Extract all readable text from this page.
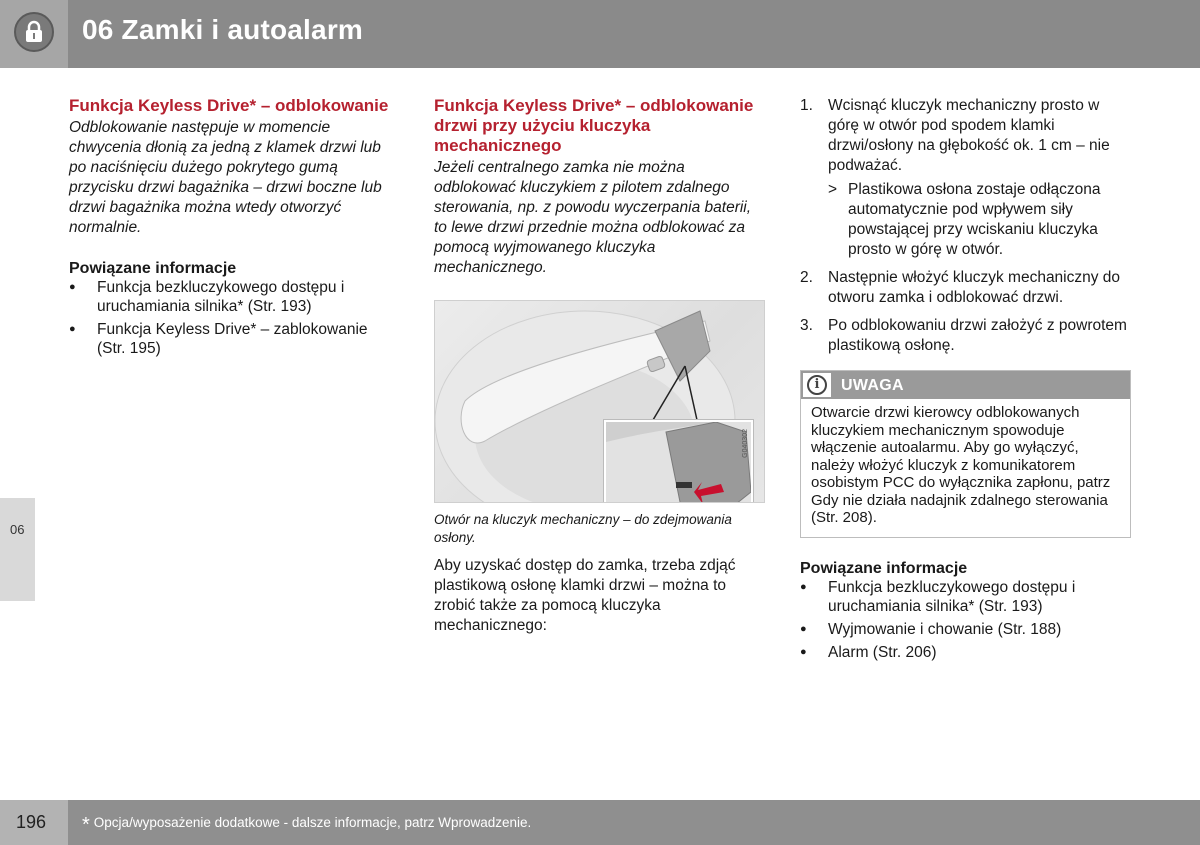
06 Zamki i autoalarm
06
Funkcja Keyless Drive* – odblokowanie

Odblokowanie następuje w momencie chwycenia dłonią za jedną z klamek drzwi lub po naciśnięciu dużego pokrytego gumą przycisku drzwi bagażnika – drzwi boczne lub drzwi bagażnika można wtedy otworzyć normalnie.

Powiązane informacje
● Funkcja bezkluczykowego dostępu i uruchamiania silnika* (Str. 193)
● Funkcja Keyless Drive* – zablokowanie (Str. 195)
Funkcja Keyless Drive* – odblokowanie drzwi przy użyciu kluczyka mechanicznego

Jeżeli centralnego zamka nie można odblokować kluczykiem z pilotem zdalnego sterowania, np. z powodu wyczerpania baterii, to lewe drzwi przednie można odblokować za pomocą wyjmowanego kluczyka mechanicznego.

G040302

Otwór na kluczyk mechaniczny – do zdejmowania osłony.

Aby uzyskać dostęp do zamka, trzeba zdjąć plastikową osłonę klamki drzwi – można to zrobić także za pomocą kluczyka mechanicznego:

1. Wcisnąć kluczyk mechaniczny prosto w górę w otwór pod spodem klamki drzwi/osłony na głębokość ok. 1 cm – nie podważać.
> Plastikowa osłona zostaje odłączona automatycznie pod wpływem siły powstającej przy wciskaniu kluczyka prosto w górę w otwór.
2. Następnie włożyć kluczyk mechaniczny do otworu zamka i odblokować drzwi.
3. Po odblokowaniu drzwi założyć z powrotem plastikową osłonę.
i	UWAGA
Otwarcie drzwi kierowcy odblokowanych kluczykiem mechanicznym spowoduje włączenie autoalarmu. Aby go wyłączyć, należy włożyć kluczyk z komunikatorem osobistym PCC do wyłącznika zapłonu, patrz Gdy nie działa nadajnik zdalnego sterowania (Str. 208).
Powiązane informacje
● Funkcja bezkluczykowego dostępu i uruchamiania silnika* (Str. 193)
● Wyjmowanie i chowanie (Str. 188)
● Alarm (Str. 206)
196 * Opcja/wyposażenie dodatkowe - dalsze informacje, patrz Wprowadzenie.
